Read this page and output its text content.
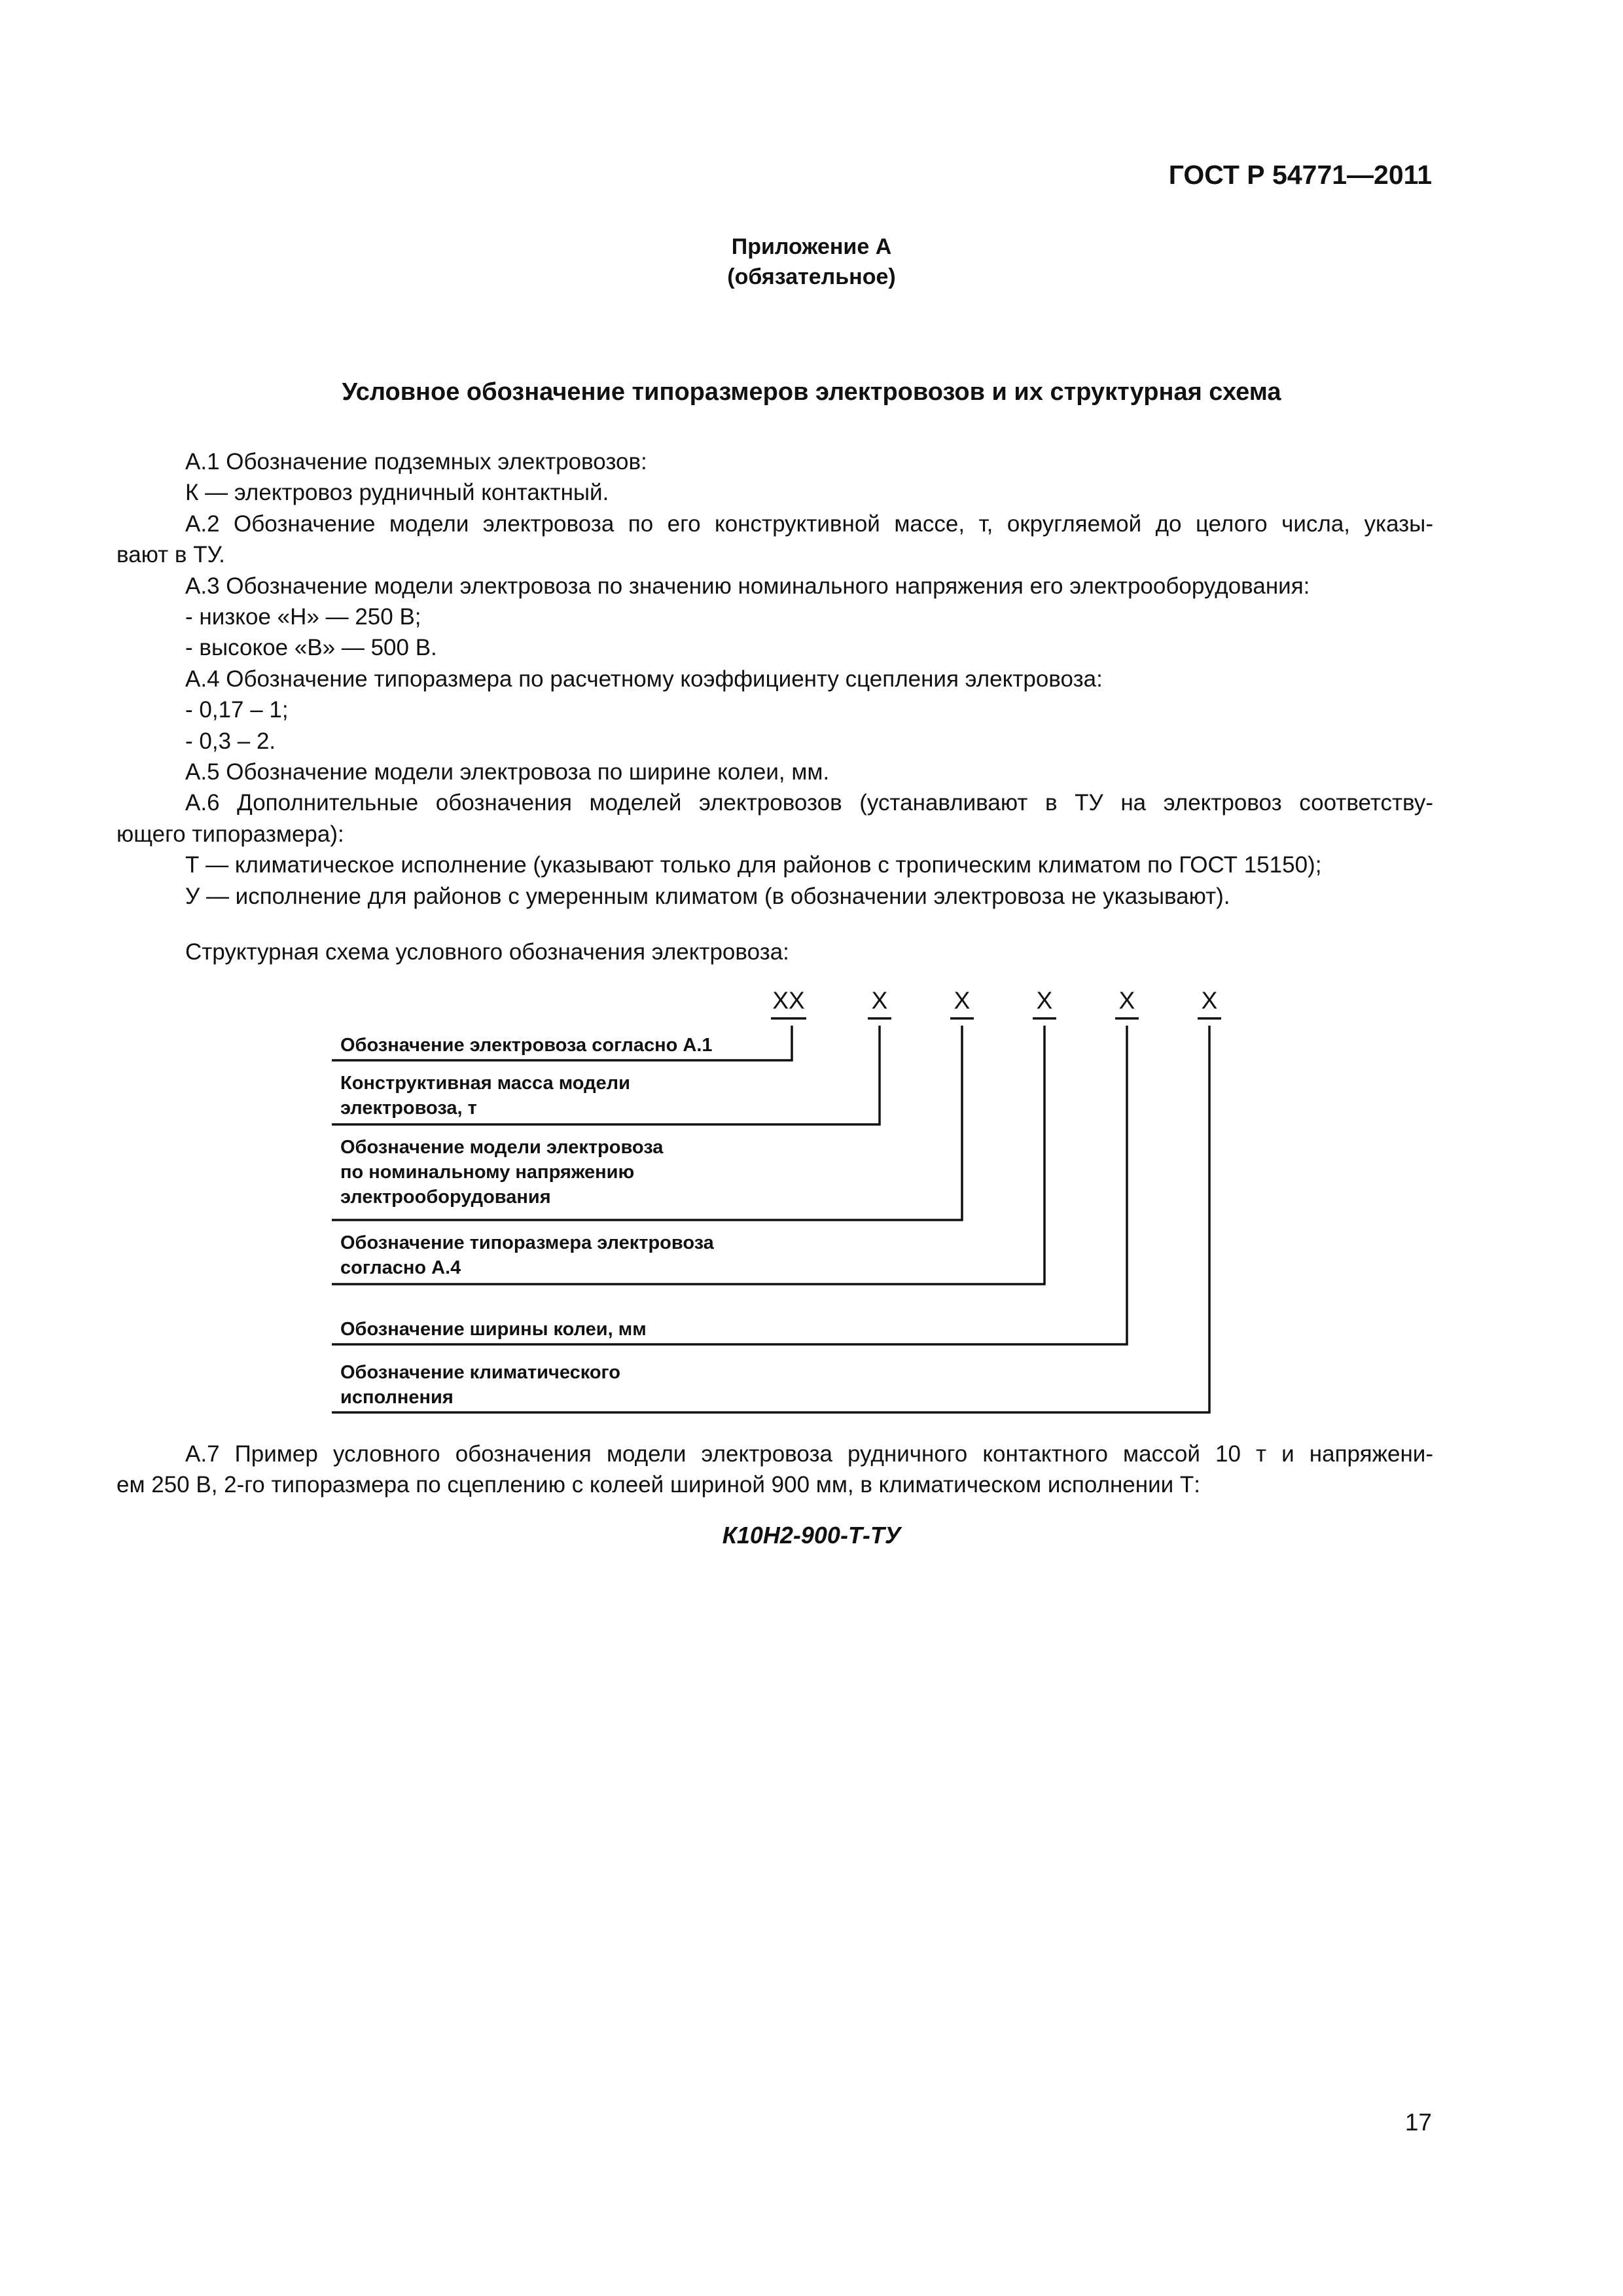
ГОСТ Р 54771—2011
Приложение А
(обязательное)
Условное обозначение типоразмеров электровозов и их структурная схема

А.1 Обозначение подземных электровозов:

К — электровоз рудничный контактный.

А.2 Обозначение модели электровоза по его конструктивной массе, т, округляемой до целого числа, указы-

вают в ТУ.

А.3 Обозначение модели электровоза по значению номинального напряжения его электрооборудования:

- низкое «Н» — 250 В;

- высокое «В» — 500 В.

А.4 Обозначение типоразмера по расчетному коэффициенту сцепления электровоза:

- 0,17 – 1;

- 0,3 – 2.

А.5 Обозначение модели электровоза по ширине колеи, мм.

А.6 Дополнительные обозначения моделей электровозов (устанавливают в ТУ на электровоз соответству-

ющего типоразмера):

Т — климатическое исполнение (указывают только для районов с тропическим климатом по ГОСТ 15150);

У — исполнение для районов с умеренным климатом (в обозначении электровоза не указывают).

Структурная схема условного обозначения электровоза:
ХХ	Х	Х	Х	Х	Х
Обозначение электровоза согласно А.1
Конструктивная масса модели
электровоза, т
Обозначение модели электровоза
по номинальному напряжению
электрооборудования
Обозначение типоразмера электровоза
согласно А.4
Обозначение ширины колеи, мм
Обозначение климатического
исполнения

А.7 Пример условного обозначения модели электровоза рудничного контактного массой 10 т и напряжени-

ем 250 В, 2-го типоразмера по сцеплению с колеей шириной 900 мм, в климатическом исполнении Т:

К10Н2-900-Т-ТУ
17
